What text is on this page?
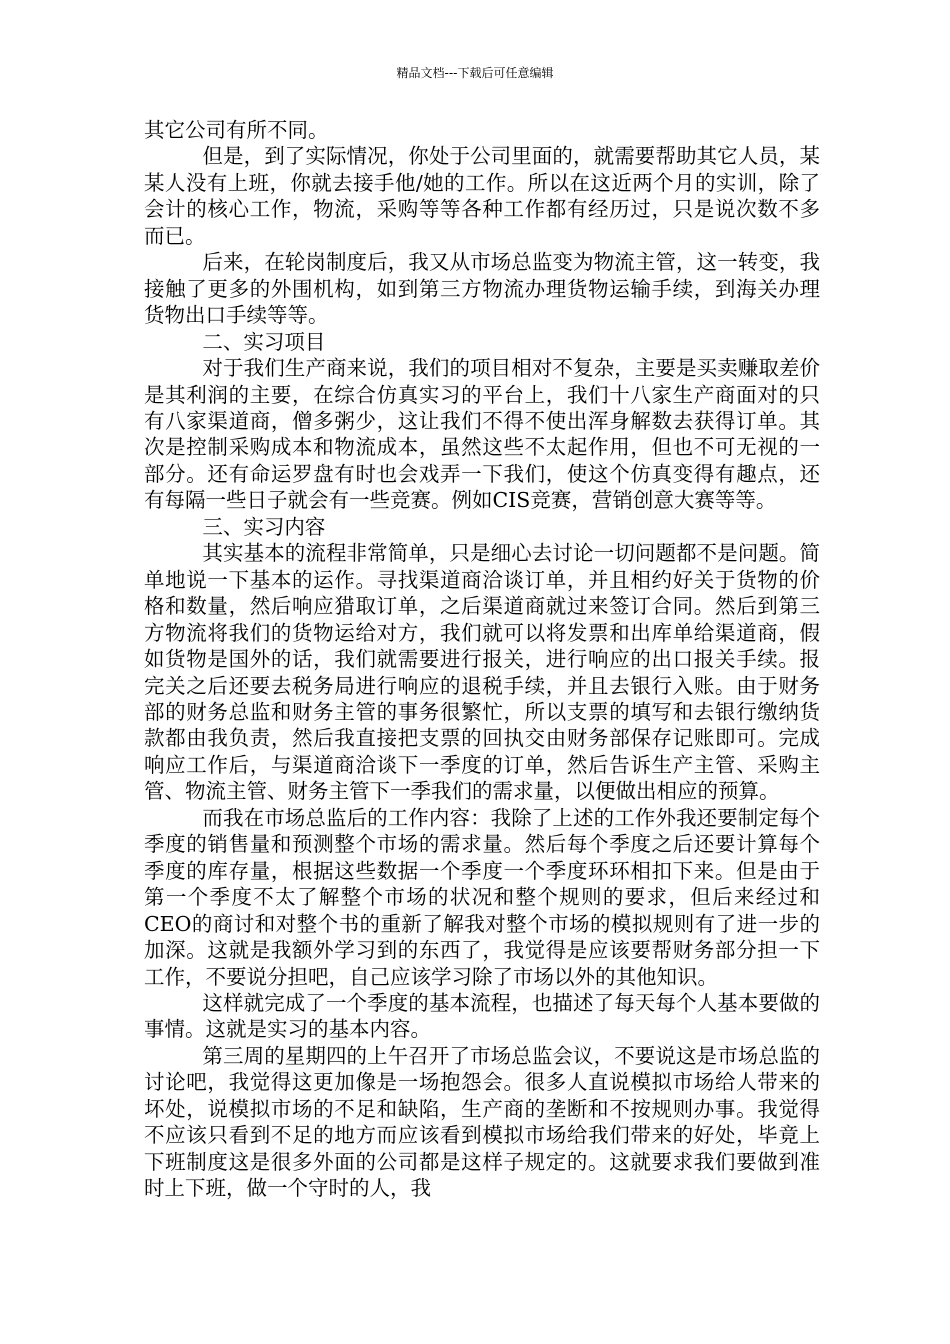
精品文档---下载后可任意编辑

其它公司有所不同。

但是，到了实际情况，你处于公司里面的，就需要帮助其它人员，某某人没有上班，你就去接手他/她的工作。所以在这近两个月的实训，除了会计的核心工作，物流，采购等等各种工作都有经历过，只是说次数不多而已。

后来，在轮岗制度后，我又从市场总监变为物流主管，这一转变，我接触了更多的外围机构，如到第三方物流办理货物运输手续，到海关办理货物出口手续等等。

二、实习项目

对于我们生产商来说，我们的项目相对不复杂，主要是买卖赚取差价是其利润的主要，在综合仿真实习的平台上，我们十八家生产商面对的只有八家渠道商，僧多粥少，这让我们不得不使出浑身解数去获得订单。其次是控制采购成本和物流成本，虽然这些不太起作用，但也不可无视的一部分。还有命运罗盘有时也会戏弄一下我们，使这个仿真变得有趣点，还有每隔一些日子就会有一些竞赛。例如CIS竞赛，营销创意大赛等等。

三、实习内容

其实基本的流程非常简单，只是细心去讨论一切问题都不是问题。简单地说一下基本的运作。寻找渠道商洽谈订单，并且相约好关于货物的价格和数量，然后响应猎取订单，之后渠道商就过来签订合同。然后到第三方物流将我们的货物运给对方，我们就可以将发票和出库单给渠道商，假如货物是国外的话，我们就需要进行报关，进行响应的出口报关手续。报完关之后还要去税务局进行响应的退税手续，并且去银行入账。由于财务部的财务总监和财务主管的事务很繁忙，所以支票的填写和去银行缴纳货款都由我负责，然后我直接把支票的回执交由财务部保存记账即可。完成响应工作后，与渠道商洽谈下一季度的订单，然后告诉生产主管、采购主管、物流主管、财务主管下一季我们的需求量，以便做出相应的预算。

而我在市场总监后的工作内容：我除了上述的工作外我还要制定每个季度的销售量和预测整个市场的需求量。然后每个季度之后还要计算每个季度的库存量，根据这些数据一个季度一个季度环环相扣下来。但是由于第一个季度不太了解整个市场的状况和整个规则的要求，但后来经过和CEO的商讨和对整个书的重新了解我对整个市场的模拟规则有了进一步的加深。这就是我额外学习到的东西了，我觉得是应该要帮财务部分担一下工作，不要说分担吧，自己应该学习除了市场以外的其他知识。

这样就完成了一个季度的基本流程，也描述了每天每个人基本要做的事情。这就是实习的基本内容。

第三周的星期四的上午召开了市场总监会议，不要说这是市场总监的讨论吧，我觉得这更加像是一场抱怨会。很多人直说模拟市场给人带来的坏处，说模拟市场的不足和缺陷，生产商的垄断和不按规则办事。我觉得不应该只看到不足的地方而应该看到模拟市场给我们带来的好处，毕竟上下班制度这是很多外面的公司都是这样子规定的。这就要求我们要做到准时上下班，做一个守时的人，我
